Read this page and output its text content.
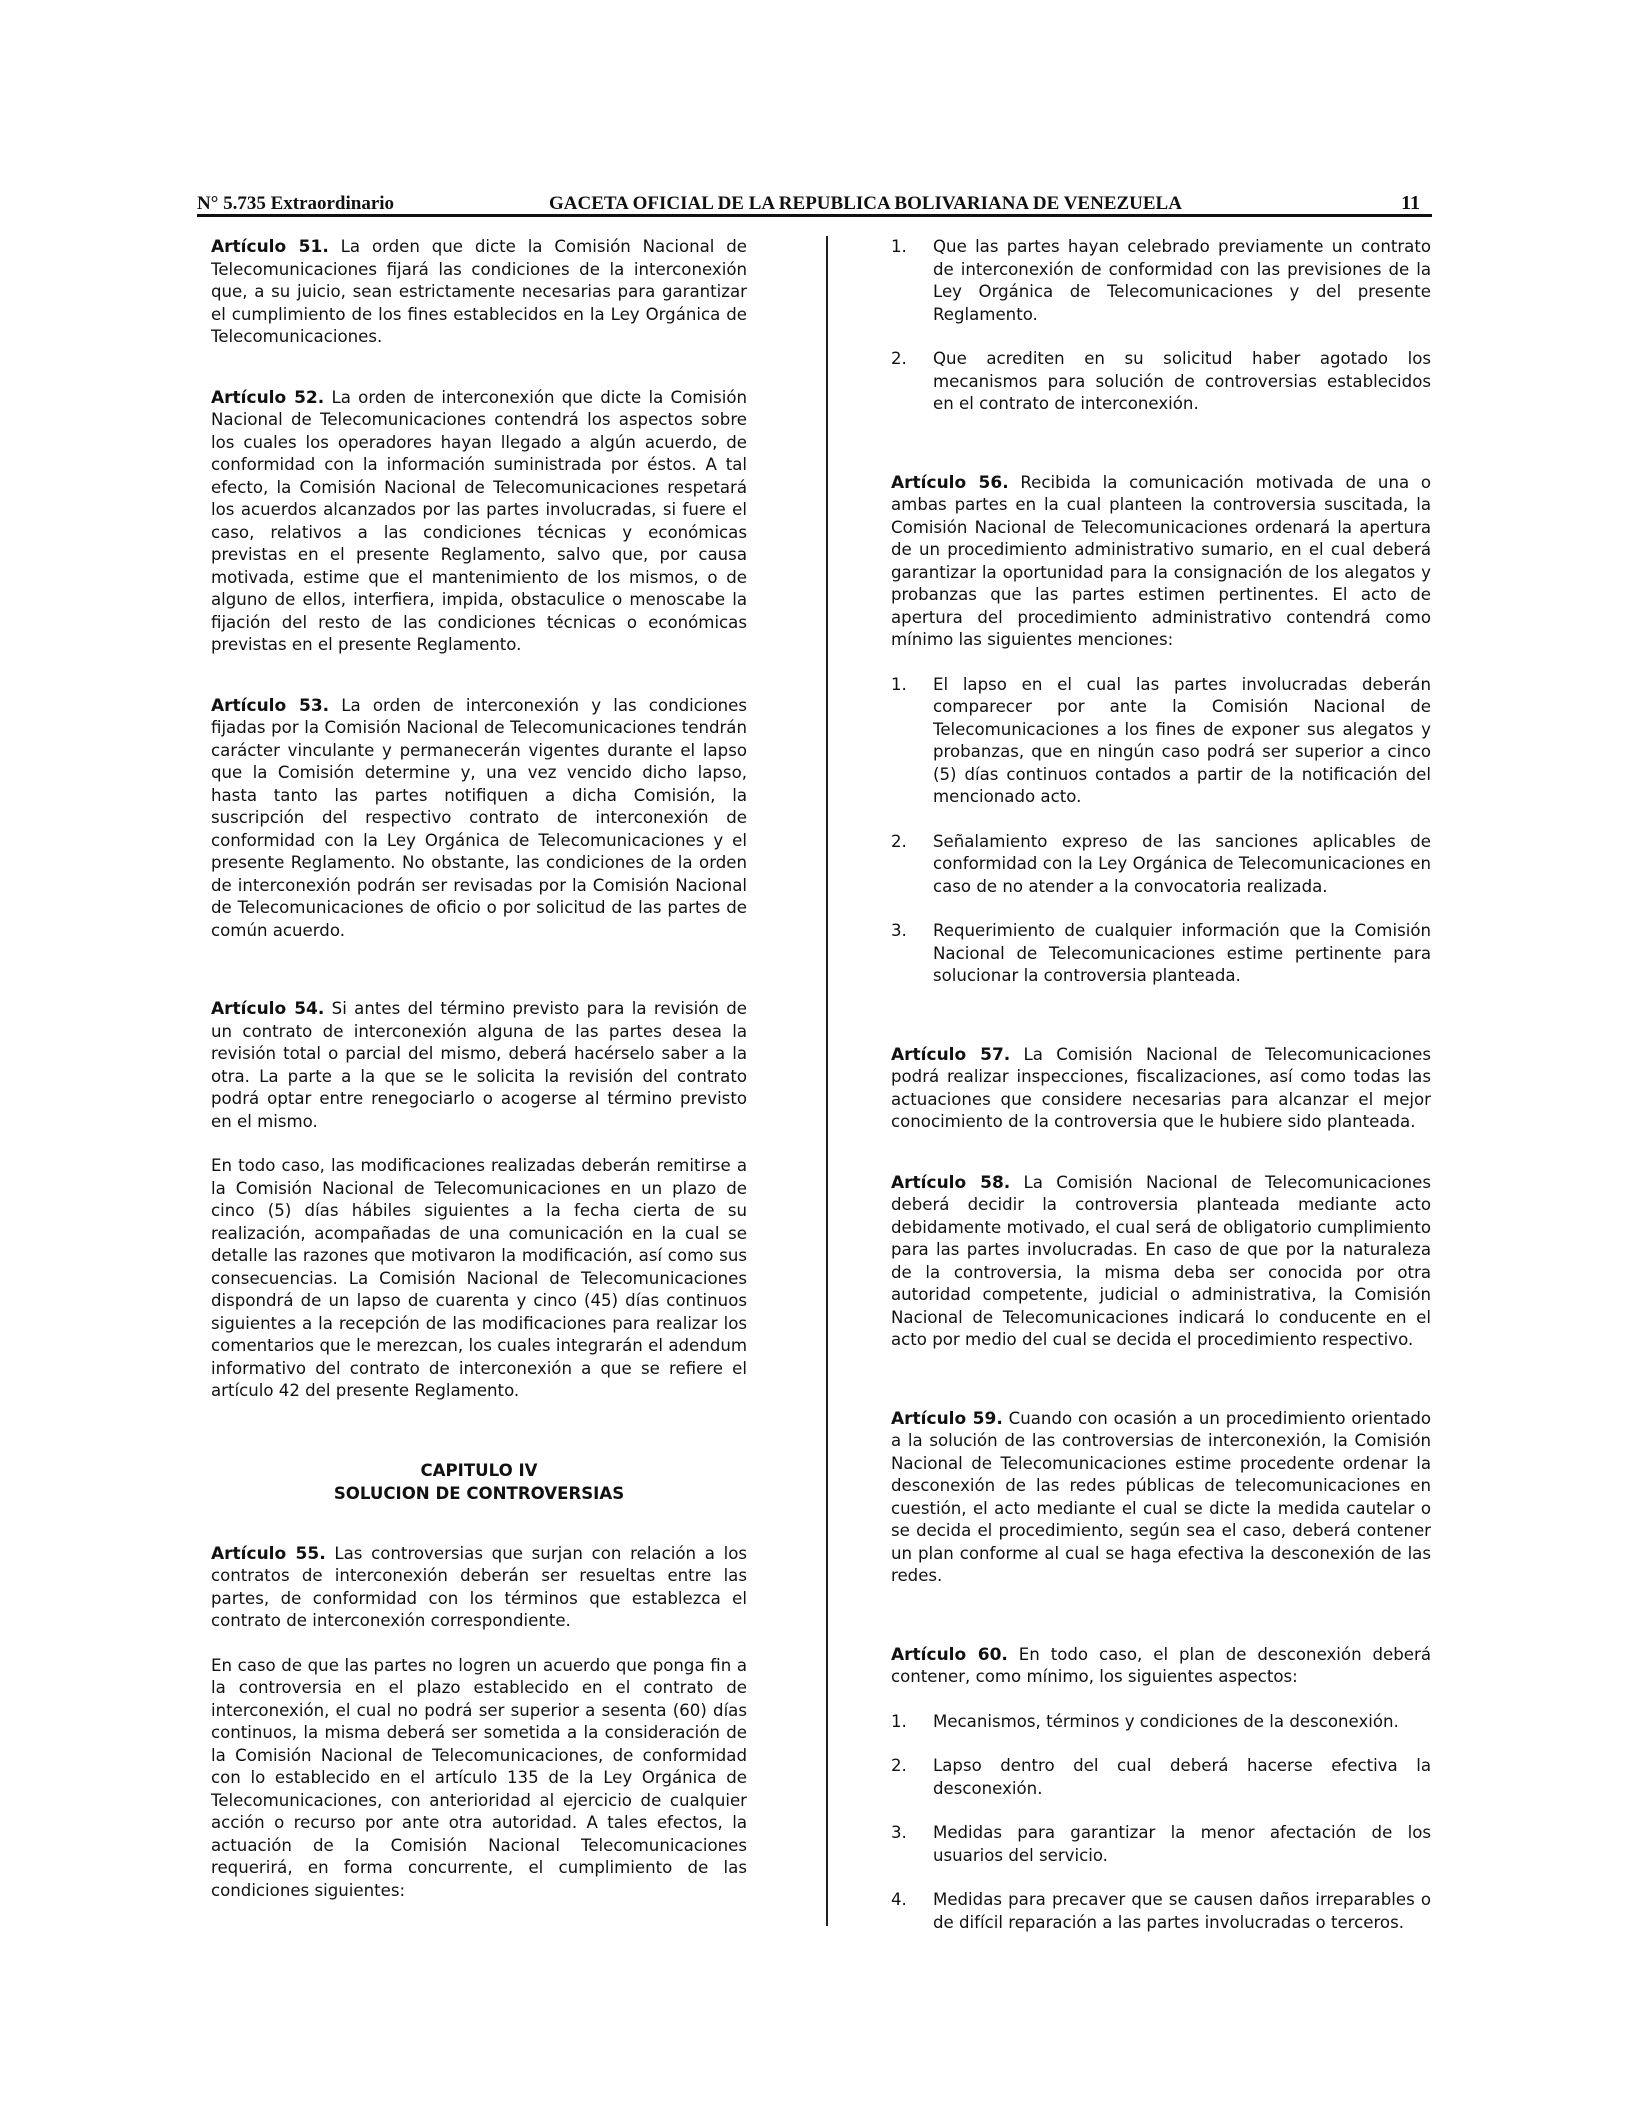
N° 5.735 Extraordinario	GACETA OFICIAL DE LA REPUBLICA BOLIVARIANA DE VENEZUELA	11

Artículo 51. La orden que dicte la Comisión Nacional de Telecomunicaciones fijará las condiciones de la interconexión que, a su juicio, sean estrictamente necesarias para garantizar el cumplimiento de los fines establecidos en la Ley Orgánica de Telecomunicaciones.

Artículo 52. La orden de interconexión que dicte la Comisión Nacional de Telecomunicaciones contendrá los aspectos sobre los cuales los operadores hayan llegado a algún acuerdo, de conformidad con la información suministrada por éstos. A tal efecto, la Comisión Nacional de Telecomunicaciones respetará los acuerdos alcanzados por las partes involucradas, si fuere el caso, relativos a las condiciones técnicas y económicas previstas en el presente Reglamento, salvo que, por causa motivada, estime que el mantenimiento de los mismos, o de alguno de ellos, interfiera, impida, obstaculice o menoscabe la fijación del resto de las condiciones técnicas o económicas previstas en el presente Reglamento.

Artículo 53. La orden de interconexión y las condiciones fijadas por la Comisión Nacional de Telecomunicaciones tendrán carácter vinculante y permanecerán vigentes durante el lapso que la Comisión determine y, una vez vencido dicho lapso, hasta tanto las partes notifiquen a dicha Comisión, la suscripción del respectivo contrato de interconexión de conformidad con la Ley Orgánica de Telecomunicaciones y el presente Reglamento. No obstante, las condiciones de la orden de interconexión podrán ser revisadas por la Comisión Nacional de Telecomunicaciones de oficio o por solicitud de las partes de común acuerdo.

Artículo 54. Si antes del término previsto para la revisión de un contrato de interconexión alguna de las partes desea la revisión total o parcial del mismo, deberá hacérselo saber a la otra. La parte a la que se le solicita la revisión del contrato podrá optar entre renegociarlo o acogerse al término previsto en el mismo.

En todo caso, las modificaciones realizadas deberán remitirse a la Comisión Nacional de Telecomunicaciones en un plazo de cinco (5) días hábiles siguientes a la fecha cierta de su realización, acompañadas de una comunicación en la cual se detalle las razones que motivaron la modificación, así como sus consecuencias. La Comisión Nacional de Telecomunicaciones dispondrá de un lapso de cuarenta y cinco (45) días continuos siguientes a la recepción de las modificaciones para realizar los comentarios que le merezcan, los cuales integrarán el adendum informativo del contrato de interconexión a que se refiere el artículo 42 del presente Reglamento.

CAPITULO IV
SOLUCION DE CONTROVERSIAS

Artículo 55. Las controversias que surjan con relación a los contratos de interconexión deberán ser resueltas entre las partes, de conformidad con los términos que establezca el contrato de interconexión correspondiente.

En caso de que las partes no logren un acuerdo que ponga fin a la controversia en el plazo establecido en el contrato de interconexión, el cual no podrá ser superior a sesenta (60) días continuos, la misma deberá ser sometida a la consideración de la Comisión Nacional de Telecomunicaciones, de conformidad con lo establecido en el artículo 135 de la Ley Orgánica de Telecomunicaciones, con anterioridad al ejercicio de cualquier acción o recurso por ante otra autoridad. A tales efectos, la actuación de la Comisión Nacional Telecomunicaciones requerirá, en forma concurrente, el cumplimiento de las condiciones siguientes:

1.	Que las partes hayan celebrado previamente un contrato de interconexión de conformidad con las previsiones de la Ley Orgánica de Telecomunicaciones y del presente Reglamento.
2.	Que acrediten en su solicitud haber agotado los mecanismos para solución de controversias establecidos en el contrato de interconexión.

Artículo 56. Recibida la comunicación motivada de una o ambas partes en la cual planteen la controversia suscitada, la Comisión Nacional de Telecomunicaciones ordenará la apertura de un procedimiento administrativo sumario, en el cual deberá garantizar la oportunidad para la consignación de los alegatos y probanzas que las partes estimen pertinentes. El acto de apertura del procedimiento administrativo contendrá como mínimo las siguientes menciones:

1.	El lapso en el cual las partes involucradas deberán comparecer por ante la Comisión Nacional de Telecomunicaciones a los fines de exponer sus alegatos y probanzas, que en ningún caso podrá ser superior a cinco (5) días continuos contados a partir de la notificación del mencionado acto.
2.	Señalamiento expreso de las sanciones aplicables de conformidad con la Ley Orgánica de Telecomunicaciones en caso de no atender a la convocatoria realizada.
3.	Requerimiento de cualquier información que la Comisión Nacional de Telecomunicaciones estime pertinente para solucionar la controversia planteada.

Artículo 57. La Comisión Nacional de Telecomunicaciones podrá realizar inspecciones, fiscalizaciones, así como todas las actuaciones que considere necesarias para alcanzar el mejor conocimiento de la controversia que le hubiere sido planteada.

Artículo 58. La Comisión Nacional de Telecomunicaciones deberá decidir la controversia planteada mediante acto debidamente motivado, el cual será de obligatorio cumplimiento para las partes involucradas. En caso de que por la naturaleza de la controversia, la misma deba ser conocida por otra autoridad competente, judicial o administrativa, la Comisión Nacional de Telecomunicaciones indicará lo conducente en el acto por medio del cual se decida el procedimiento respectivo.

Artículo 59. Cuando con ocasión a un procedimiento orientado a la solución de las controversias de interconexión, la Comisión Nacional de Telecomunicaciones estime procedente ordenar la desconexión de las redes públicas de telecomunicaciones en cuestión, el acto mediante el cual se dicte la medida cautelar o se decida el procedimiento, según sea el caso, deberá contener un plan conforme al cual se haga efectiva la desconexión de las redes.

Artículo 60. En todo caso, el plan de desconexión deberá contener, como mínimo, los siguientes aspectos:

1.	Mecanismos, términos y condiciones de la desconexión.
2.	Lapso dentro del cual deberá hacerse efectiva la desconexión.
3.	Medidas para garantizar la menor afectación de los usuarios del servicio.
4.	Medidas para precaver que se causen daños irreparables o de difícil reparación a las partes involucradas o terceros.
